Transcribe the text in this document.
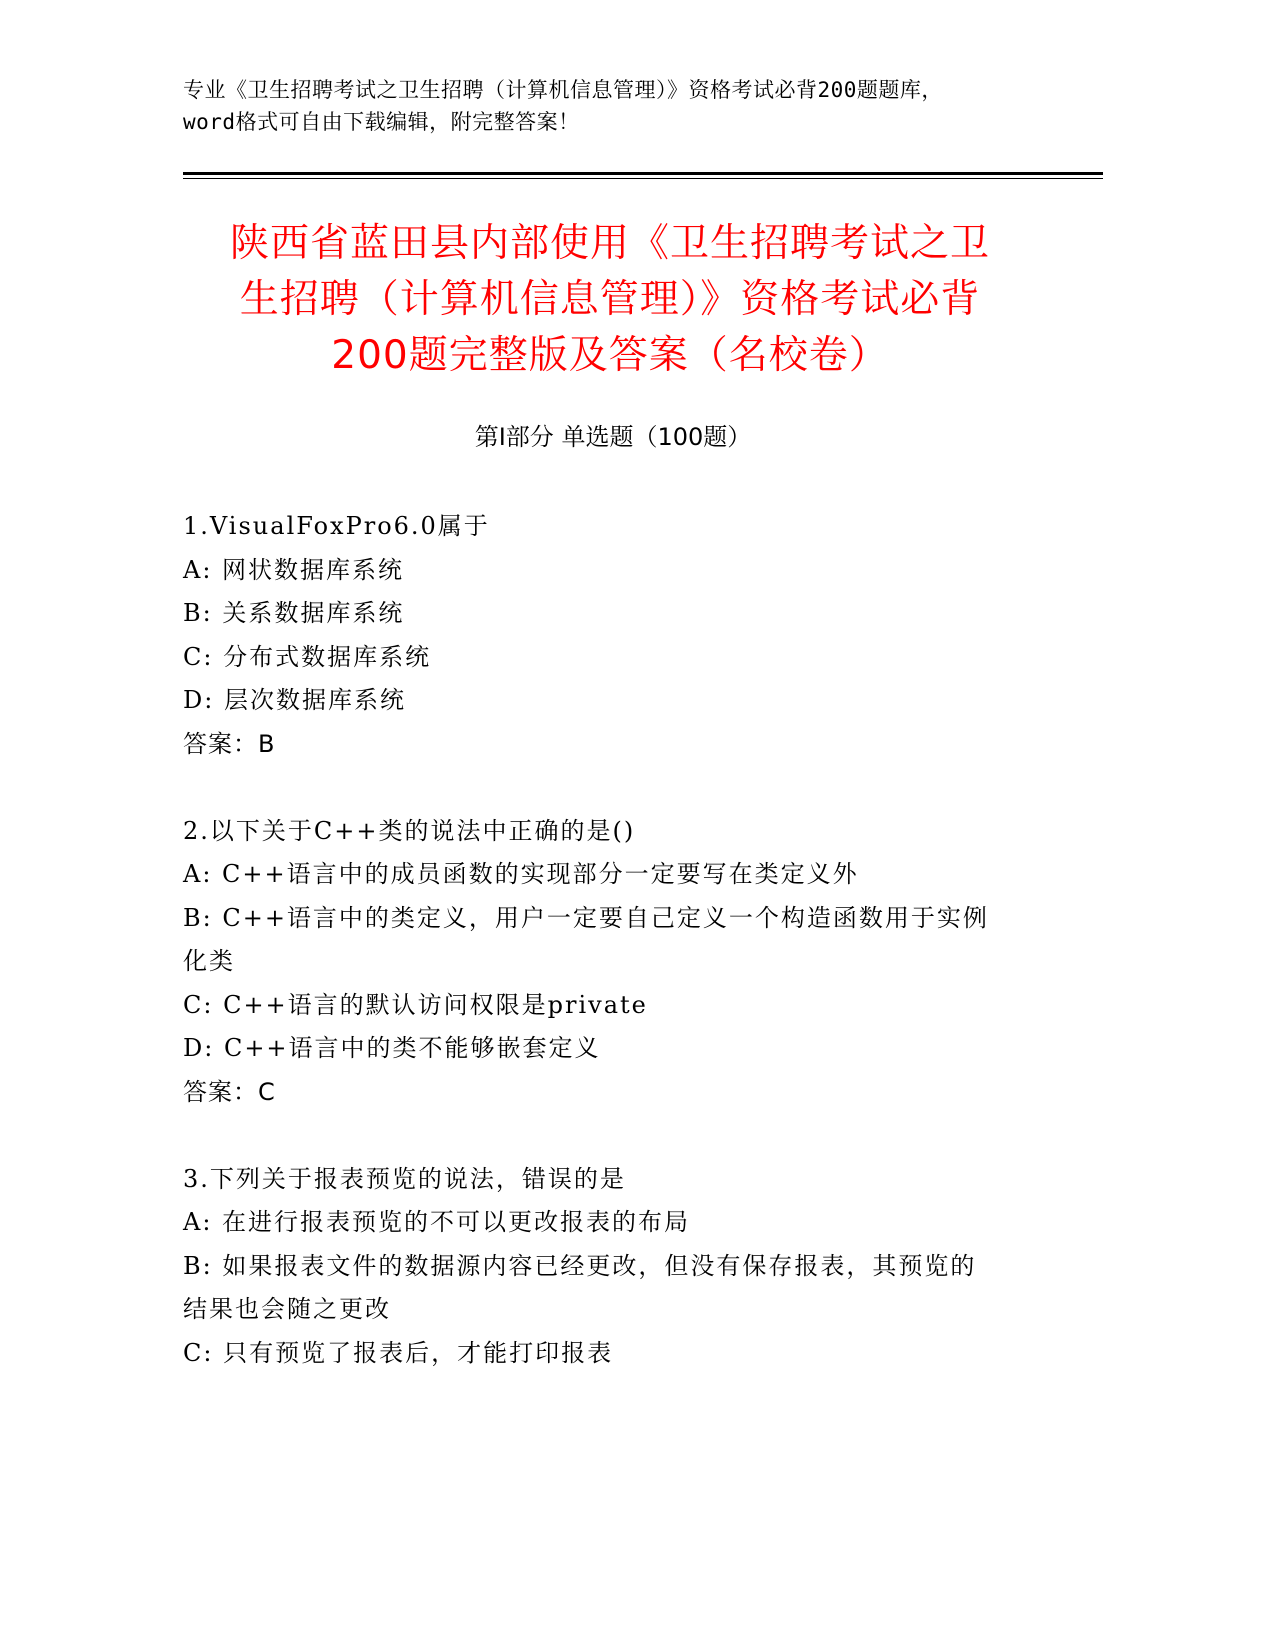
专业《卫生招聘考试之卫生招聘（计算机信息管理）》资格考试必背200题题库，
word格式可自由下载编辑，附完整答案！
陕西省蓝田县内部使用《卫生招聘考试之卫
生招聘（计算机信息管理）》资格考试必背
200题完整版及答案（名校卷）
第Ⅰ部分 单选题（100题）
1.VisualFoxPro6.0属于
A: 网状数据库系统
B: 关系数据库系统
C: 分布式数据库系统
D: 层次数据库系统
答案：B
2.以下关于C++类的说法中正确的是()
A: C++语言中的成员函数的实现部分一定要写在类定义外
B: C++语言中的类定义，用户一定要自己定义一个构造函数用于实例
化类
C: C++语言的默认访问权限是private
D: C++语言中的类不能够嵌套定义
答案：C
3.下列关于报表预览的说法，错误的是
A: 在进行报表预览的不可以更改报表的布局
B: 如果报表文件的数据源内容已经更改，但没有保存报表，其预览的
结果也会随之更改
C: 只有预览了报表后，才能打印报表
